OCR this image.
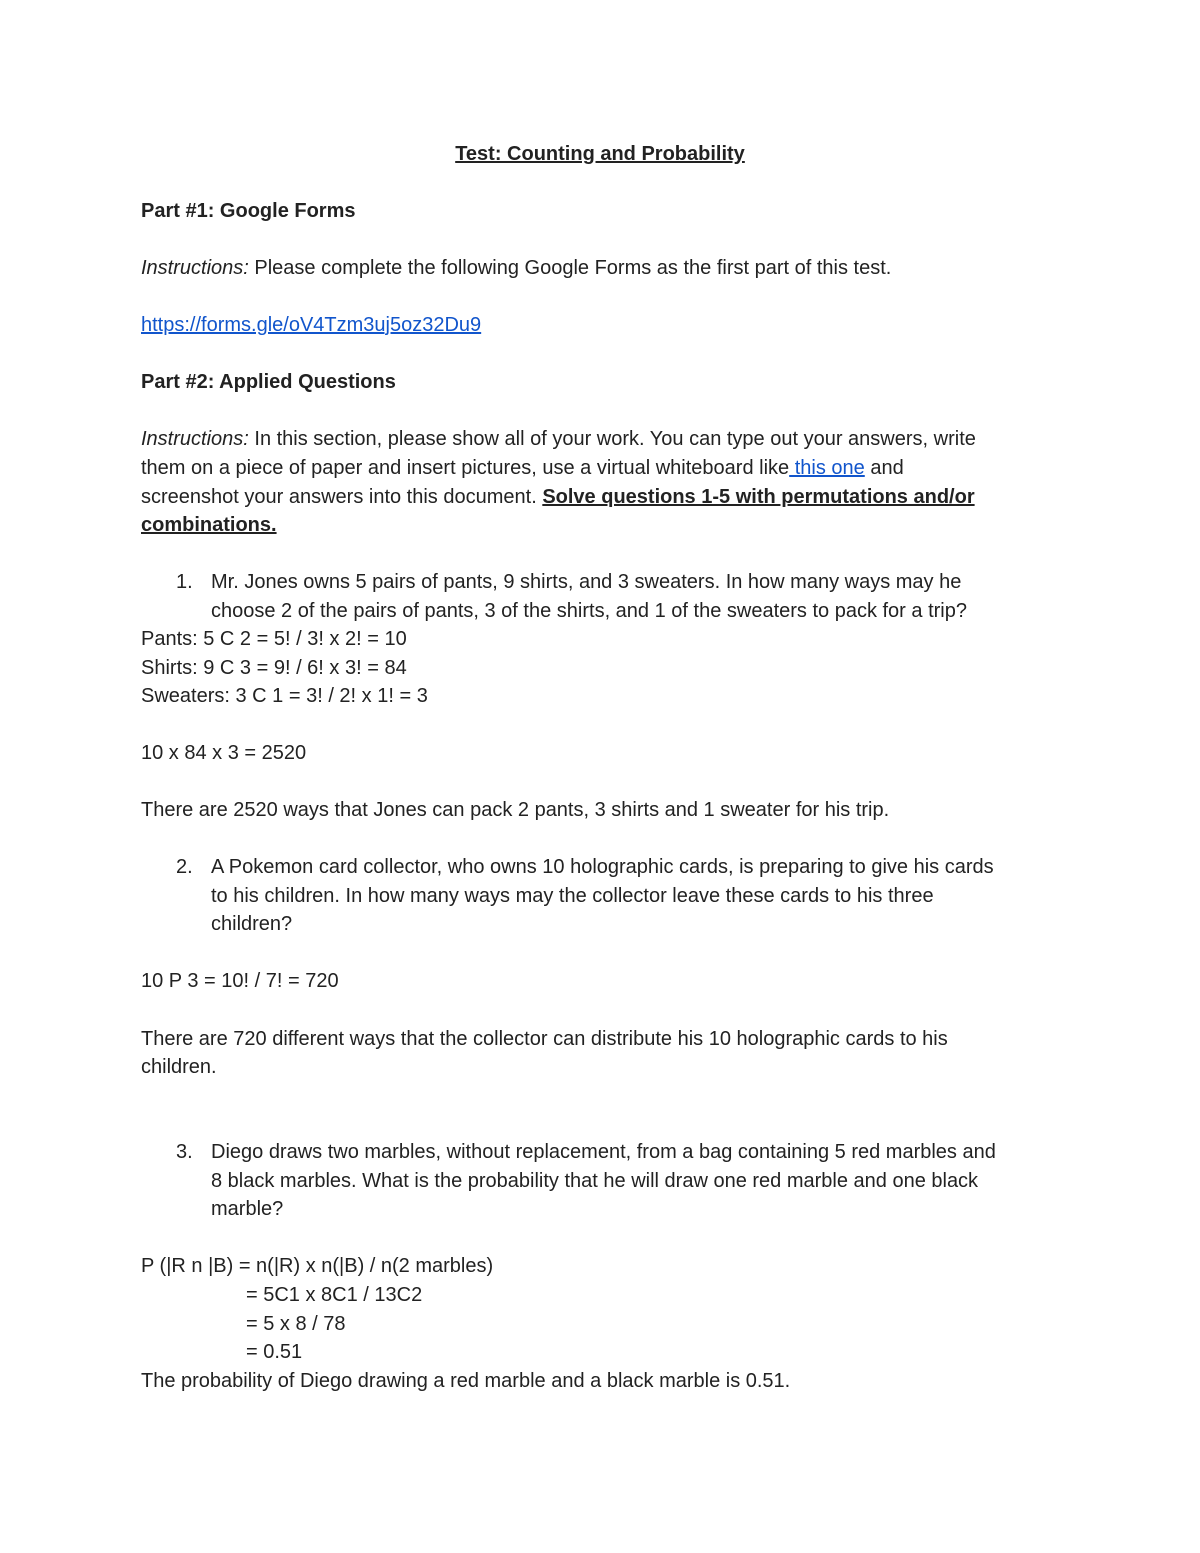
Test: Counting and Probability
Part #1: Google Forms
Instructions: Please complete the following Google Forms as the first part of this test.
https://forms.gle/oV4Tzm3uj5oz32Du9
Part #2: Applied Questions
Instructions: In this section, please show all of your work. You can type out your answers, write
them on a piece of paper and insert pictures, use a virtual whiteboard like this one and
screenshot your answers into this document. Solve questions 1-5 with permutations and/or
combinations.
1. Mr. Jones owns 5 pairs of pants, 9 shirts, and 3 sweaters. In how many ways may he
choose 2 of the pairs of pants, 3 of the shirts, and 1 of the sweaters to pack for a trip?
Pants: 5 C 2 = 5! / 3! x 2! = 10
Shirts: 9 C 3 = 9! / 6! x 3! = 84
Sweaters: 3 C 1 = 3! / 2! x 1! = 3
10 x 84 x 3 = 2520
There are 2520 ways that Jones can pack 2 pants, 3 shirts and 1 sweater for his trip.
2. A Pokemon card collector, who owns 10 holographic cards, is preparing to give his cards
to his children. In how many ways may the collector leave these cards to his three
children?
10 P 3 = 10! / 7! = 720
There are 720 different ways that the collector can distribute his 10 holographic cards to his
children.
3. Diego draws two marbles, without replacement, from a bag containing 5 red marbles and
8 black marbles. What is the probability that he will draw one red marble and one black
marble?
P (|R n |B) = n(|R) x n(|B) / n(2 marbles)
= 5C1 x 8C1 / 13C2
= 5 x 8 / 78
= 0.51
The probability of Diego drawing a red marble and a black marble is 0.51.
